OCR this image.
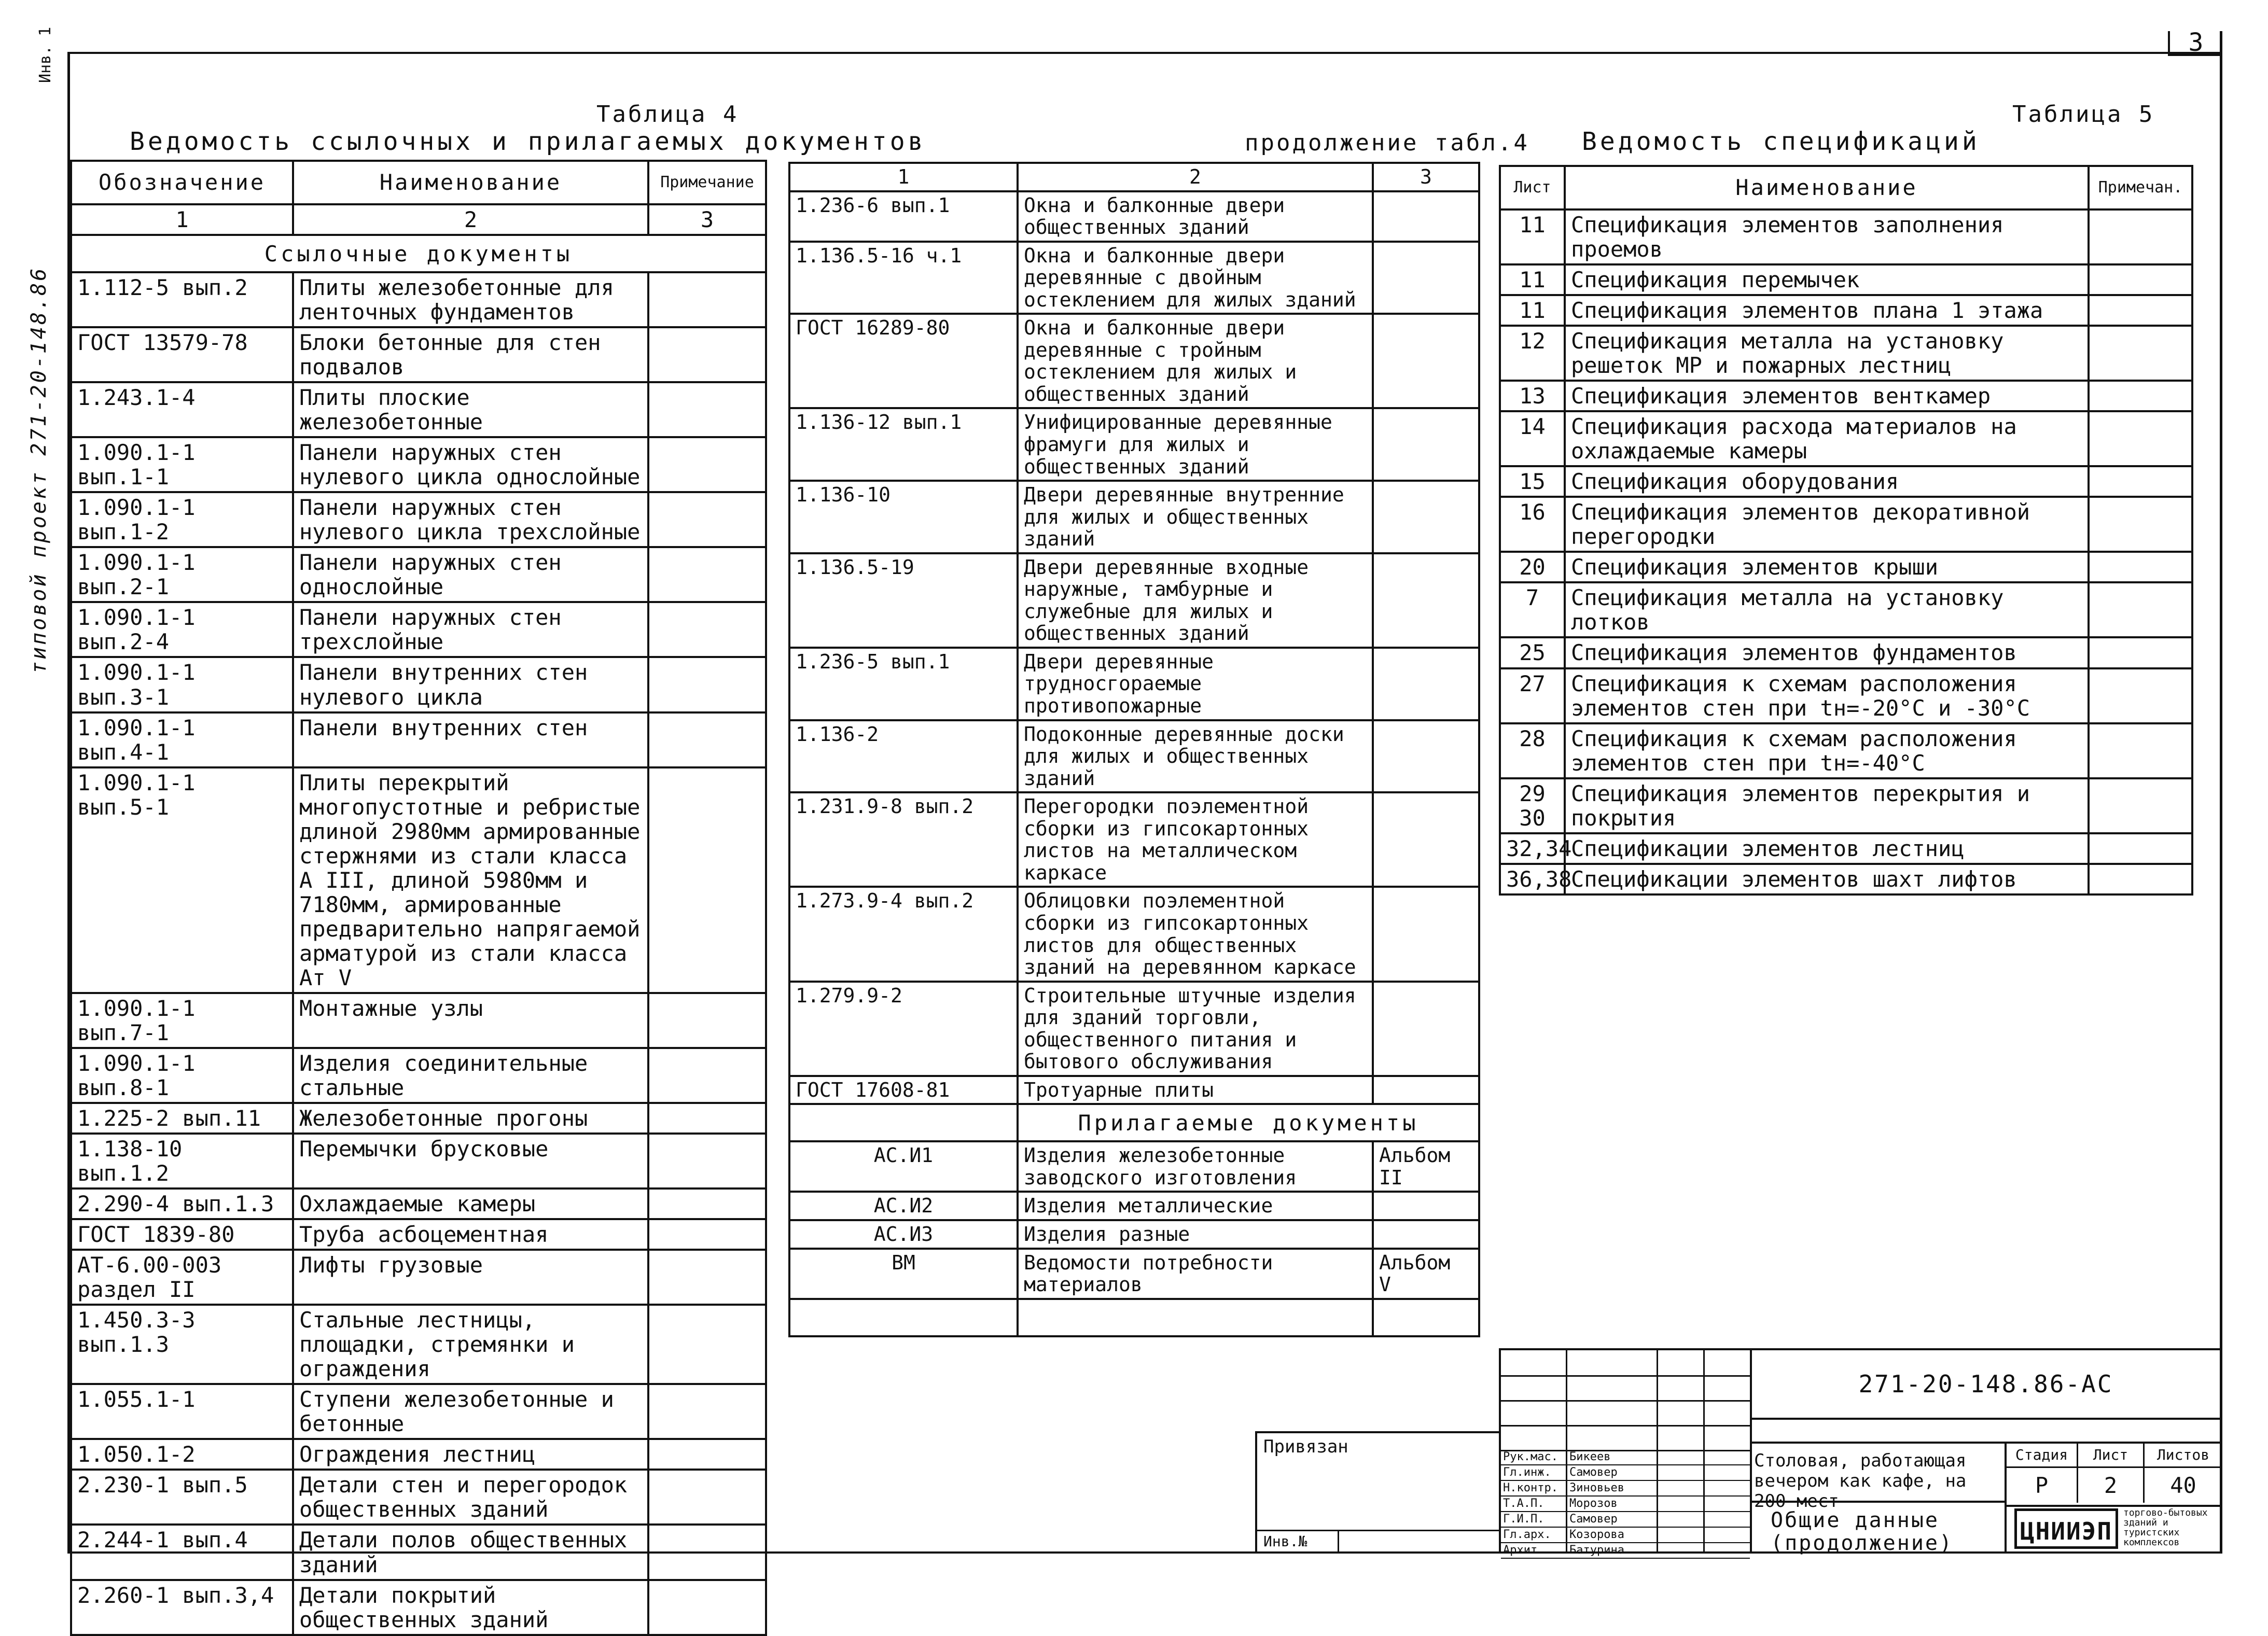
3
Инв. 1
типовой проект 271-20-148.86
Таблица 4
Ведомость ссылочных и прилагаемых документов
Обозначение	Наименование	Примечание
1	2	3
Ссылочные документы		
1.112-5 вып.2	Плиты железобетонные для ленточных фундаментов	
ГОСТ 13579-78	Блоки бетонные для стен подвалов	
1.243.1-4	Плиты плоские железобетонные	
1.090.1-1 вып.1-1	Панели наружных стен нулевого цикла однослойные	
1.090.1-1 вып.1-2	Панели наружных стен нулевого цикла трехслойные	
1.090.1-1 вып.2-1	Панели наружных стен однослойные	
1.090.1-1 вып.2-4	Панели наружных стен трехслойные	
1.090.1-1 вып.3-1	Панели внутренних стен нулевого цикла	
1.090.1-1 вып.4-1	Панели внутренних стен	
1.090.1-1 вып.5-1	Плиты перекрытий многопустотные и ребристые длиной 2980мм армированные стержнями из стали класса А III, длиной 5980мм и 7180мм, армированные предварительно напрягаемой арматурой из стали класса Ат V	
1.090.1-1 вып.7-1	Монтажные узлы	
1.090.1-1 вып.8-1	Изделия соединительные стальные	
1.225-2 вып.11	Железобетонные прогоны	
1.138-10 вып.1.2	Перемычки брусковые	
2.290-4 вып.1.3	Охлаждаемые камеры	
ГОСТ 1839-80	Труба асбоцементная	
АТ-6.00-003 раздел II	Лифты грузовые	
1.450.3-3 вып.1.3	Стальные лестницы, площадки, стремянки и ограждения	
1.055.1-1	Ступени железобетонные и бетонные	
1.050.1-2	Ограждения лестниц	
2.230-1 вып.5	Детали стен и перегородок общественных зданий	
2.244-1 вып.4	Детали полов общественных зданий	
2.260-1 вып.3,4	Детали покрытий общественных зданий	
продолжение табл.4
1	2	3
1.236-6 вып.1	Окна и балконные двери общественных зданий	
1.136.5-16 ч.1	Окна и балконные двери деревянные с двойным остеклением для жилых зданий	
ГОСТ 16289-80	Окна и балконные двери деревянные с тройным остеклением для жилых и общественных зданий	
1.136-12 вып.1	Унифицированные деревянные фрамуги для жилых и общественных зданий	
1.136-10	Двери деревянные внутренние для жилых и общественных зданий	
1.136.5-19	Двери деревянные входные наружные, тамбурные и служебные для жилых и общественных зданий	
1.236-5 вып.1	Двери деревянные трудносгораемые противопожарные	
1.136-2	Подоконные деревянные доски для жилых и общественных зданий	
1.231.9-8 вып.2	Перегородки поэлементной сборки из гипсокартонных листов на металлическом каркасе	
1.273.9-4 вып.2	Облицовки поэлементной сборки из гипсокартонных листов для общественных зданий на деревянном каркасе	
1.279.9-2	Строительные штучные изделия для зданий торговли, общественного питания и бытового обслуживания	
ГОСТ 17608-81	Тротуарные плиты	
	Прилагаемые документы	
АС.И1	Изделия железобетонные заводского изготовления	Альбом II
АС.И2	Изделия металлические	
АС.И3	Изделия разные	
ВМ	Ведомости потребности материалов	Альбом V

Таблица 5
Ведомость спецификаций
Лист	Наименование	Примечан.
11	Спецификация элементов заполнения проемов	
11	Спецификация перемычек	
11	Спецификация элементов плана 1 этажа	
12	Спецификация металла на установку решеток МР и пожарных лестниц	
13	Спецификация элементов венткамер	
14	Спецификация расхода материалов на охлаждаемые камеры	
15	Спецификация оборудования	
16	Спецификация элементов декоративной перегородки	
20	Спецификация элементов крыши	
7	Спецификация металла на установку лотков	
25	Спецификация элементов фундаментов	
27	Спецификация к схемам расположения элементов стен при tн=-20°С и -30°С	
28	Спецификация к схемам расположения элементов стен при tн=-40°С	
29 30	Спецификация элементов перекрытия и покрытия	
32,34	Спецификации элементов лестниц	
36,38	Спецификации элементов шахт лифтов	
Рук.мас. Бикеев
Гл.инж. Самовер
Н.контр. Зиновьев
Т.А.П. Морозов
Г.И.П. Самовер
Гл.арх. Козорова
Архит. Батурина
271-20-148.86-АС
Столовая, работающая вечером как кафе, на 200 мест
Стадия	Лист	Листов
Р	2	40
Общие данные (продолжение)	ЦНИИЭП
торгово-бытовых зданий и туристских комплексов
Привязан
Инв.№
